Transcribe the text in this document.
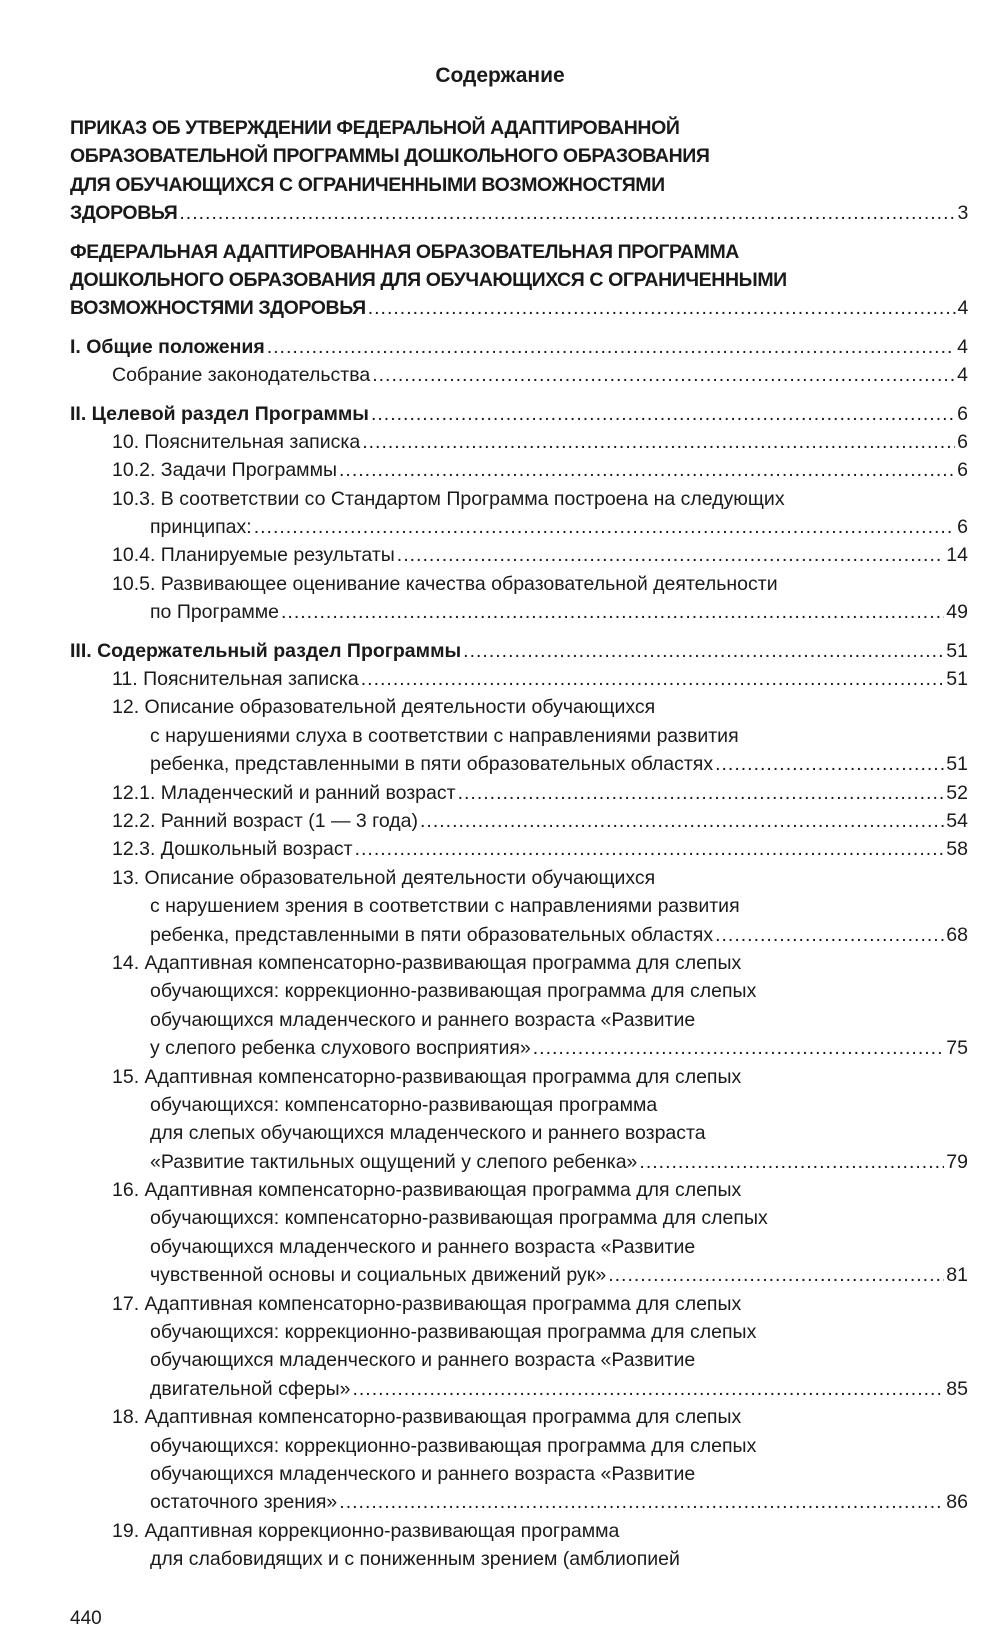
Содержание
ПРИКАЗ ОБ УТВЕРЖДЕНИИ ФЕДЕРАЛЬНОЙ АДАПТИРОВАННОЙ
ОБРАЗОВАТЕЛЬНОЙ ПРОГРАММЫ ДОШКОЛЬНОГО ОБРАЗОВАНИЯ
ДЛЯ ОБУЧАЮЩИХСЯ С ОГРАНИЧЕННЫМИ ВОЗМОЖНОСТЯМИ
ЗДОРОВЬЯ .....	3
ФЕДЕРАЛЬНАЯ АДАПТИРОВАННАЯ ОБРАЗОВАТЕЛЬНАЯ ПРОГРАММА
ДОШКОЛЬНОГО ОБРАЗОВАНИЯ ДЛЯ ОБУЧАЮЩИХСЯ С ОГРАНИЧЕННЫМИ
ВОЗМОЖНОСТЯМИ ЗДОРОВЬЯ .....	4
I. Общие положения .....	4
Собрание законодательства .....	4
II. Целевой раздел Программы .....	6
10. Пояснительная записка .....	6
10.2. Задачи Программы .....	6
10.3. В соответствии со Стандартом Программа построена на следующих
принципах: .....	6
10.4. Планируемые результаты .....	14
10.5. Развивающее оценивание качества образовательной деятельности
по Программе .....	49
III. Содержательный раздел Программы .....	51
11. Пояснительная записка .....	51
12. Описание образовательной деятельности обучающихся
с нарушениями слуха в соответствии с направлениями развития
ребенка, представленными в пяти образовательных областях .....	51
12.1. Младенческий и ранний возраст .....	52
12.2. Ранний возраст (1 — 3 года) .....	54
12.3. Дошкольный возраст .....	58
13. Описание образовательной деятельности обучающихся
с нарушением зрения в соответствии с направлениями развития
ребенка, представленными в пяти образовательных областях .....	68
14. Адаптивная компенсаторно-развивающая программа для слепых
обучающихся: коррекционно-развивающая программа для слепых
обучающихся младенческого и раннего возраста «Развитие
у слепого ребенка слухового восприятия» .....	75
15. Адаптивная компенсаторно-развивающая программа для слепых
обучающихся: компенсаторно-развивающая программа
для слепых обучающихся младенческого и раннего возраста
«Развитие тактильных ощущений у слепого ребенка» .....	79
16. Адаптивная компенсаторно-развивающая программа для слепых
обучающихся: компенсаторно-развивающая программа для слепых
обучающихся младенческого и раннего возраста «Развитие
чувственной основы и социальных движений рук» .....	81
17. Адаптивная компенсаторно-развивающая программа для слепых
обучающихся: коррекционно-развивающая программа для слепых
обучающихся младенческого и раннего возраста «Развитие
двигательной сферы» .....	85
18. Адаптивная компенсаторно-развивающая программа для слепых
обучающихся: коррекционно-развивающая программа для слепых
обучающихся младенческого и раннего возраста «Развитие
остаточного зрения» .....	86
19. Адаптивная коррекционно-развивающая программа
для слабовидящих и с пониженным зрением (амблиопией
440
